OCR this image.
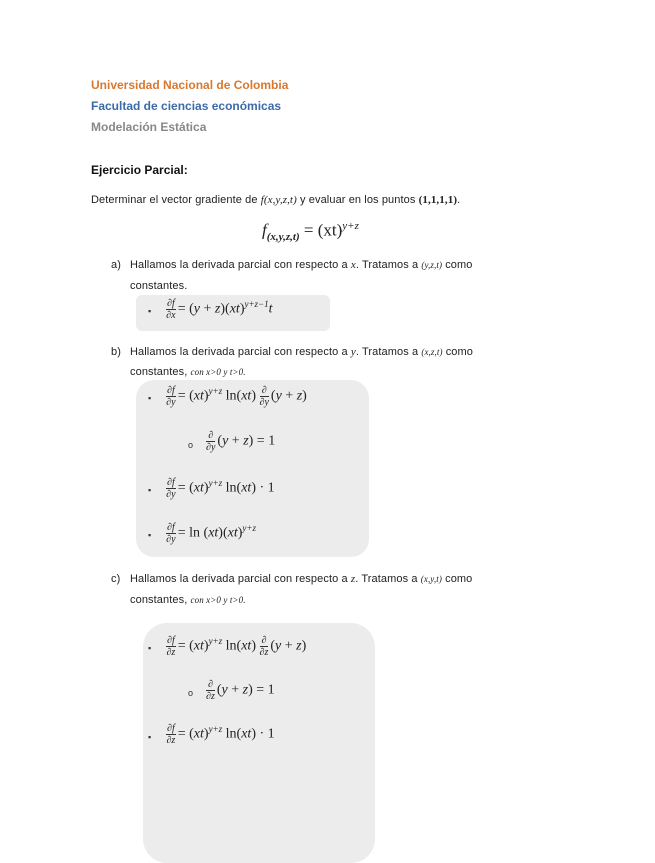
Universidad Nacional de Colombia
Facultad de ciencias económicas
Modelación Estática
Ejercicio Parcial:
Determinar el vector gradiente de f(x,y,z,t) y evaluar en los puntos (1,1,1,1).
$f_{(x,y,z,t)} = (xt)^{y+z}$
a) Hallamos la derivada parcial con respecto a x. Tratamos a (y,z,t) como
constantes.
▪ $\frac{\partial f}{\partial x} = (y + z)(xt)^{y+z-1}t$
b) Hallamos la derivada parcial con respecto a y. Tratamos a (x,z,t) como
constantes, con x>0 y t>0.
▪ $\frac{\partial f}{\partial y} = (xt)^{y+z}$ $\ln(xt) \frac{\partial}{\partial y} (y + z)$
o $\frac{\partial}{\partial y} (y + z) = 1$
▪ $\frac{\partial f}{\partial y} = (xt)^{y+z}$ ln(xt) · 1
▪ $\frac{\partial f}{\partial y} = \ln (xt)(xt)^{y+z}$
c) Hallamos la derivada parcial con respecto a z. Tratamos a (x,y,t) como
constantes, con x>0 y t>0.
▪ $\frac{\partial f}{\partial z} = (xt)^{y+z}$ $\ln(xt) \frac{\partial}{\partial z} (y + z)$
o $\frac{\partial}{\partial z} (y + z) = 1$
▪ $\frac{\partial f}{\partial z} = (xt)^{y+z}$ ln(xt) · 1
